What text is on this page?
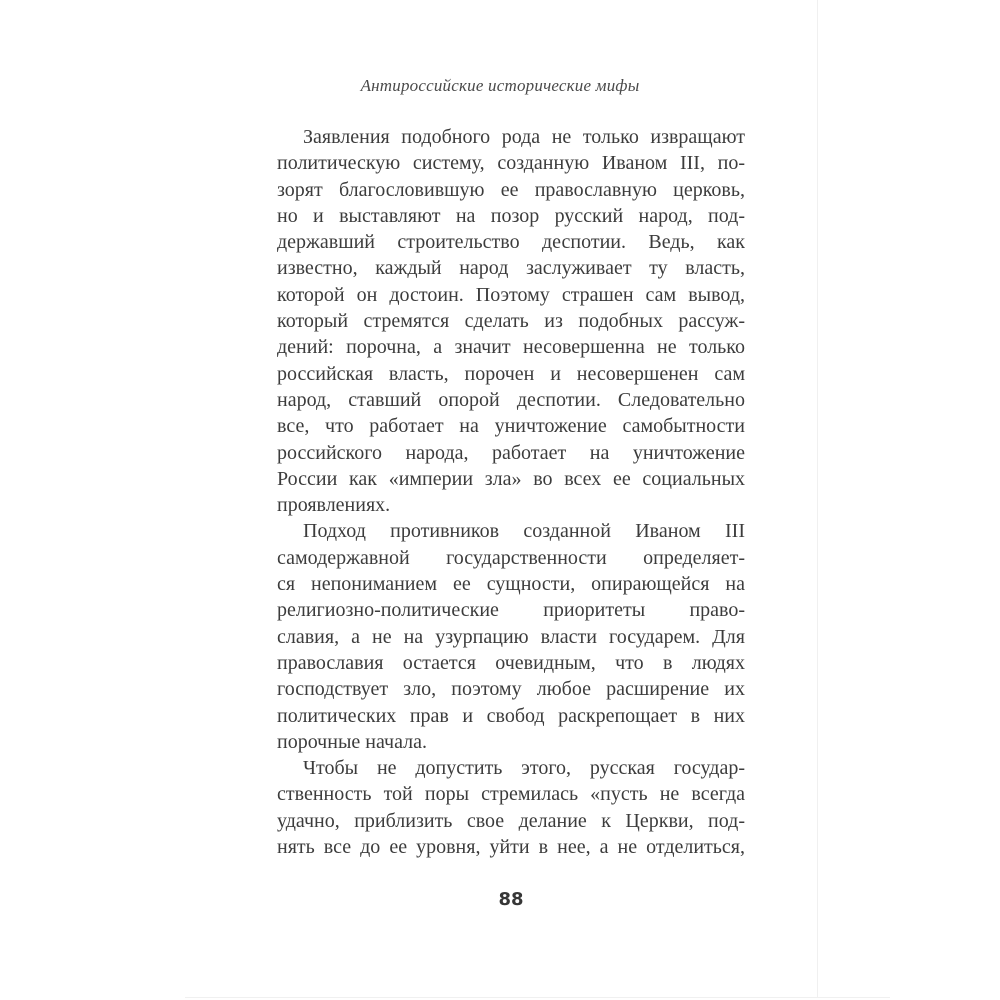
Антироссийские исторические мифы
Заявления подобного рода не только извращают
политическую систему, созданную Иваном III, по-
зорят благословившую ее православную церковь,
но и выставляют на позор русский народ, под-
державший строительство деспотии. Ведь, как
известно, каждый народ заслуживает ту власть,
которой он достоин. Поэтому страшен сам вывод,
который стремятся сделать из подобных рассуж-
дений: порочна, а значит несовершенна не только
российская власть, порочен и несовершенен сам
народ, ставший опорой деспотии. Следовательно
все, что работает на уничтожение самобытности
российского народа, работает на уничтожение
России как «империи зла» во всех ее социальных
проявлениях.
Подход противников созданной Иваном III
самодержавной государственности определяет-
ся непониманием ее сущности, опирающейся на
религиозно-политические приоритеты право-
славия, а не на узурпацию власти государем. Для
православия остается очевидным, что в людях
господствует зло, поэтому любое расширение их
политических прав и свобод раскрепощает в них
порочные начала.
Чтобы не допустить этого, русская государ-
ственность той поры стремилась «пусть не всегда
удачно, приблизить свое делание к Церкви, под-
нять все до ее уровня, уйти в нее, а не отделиться,
88
